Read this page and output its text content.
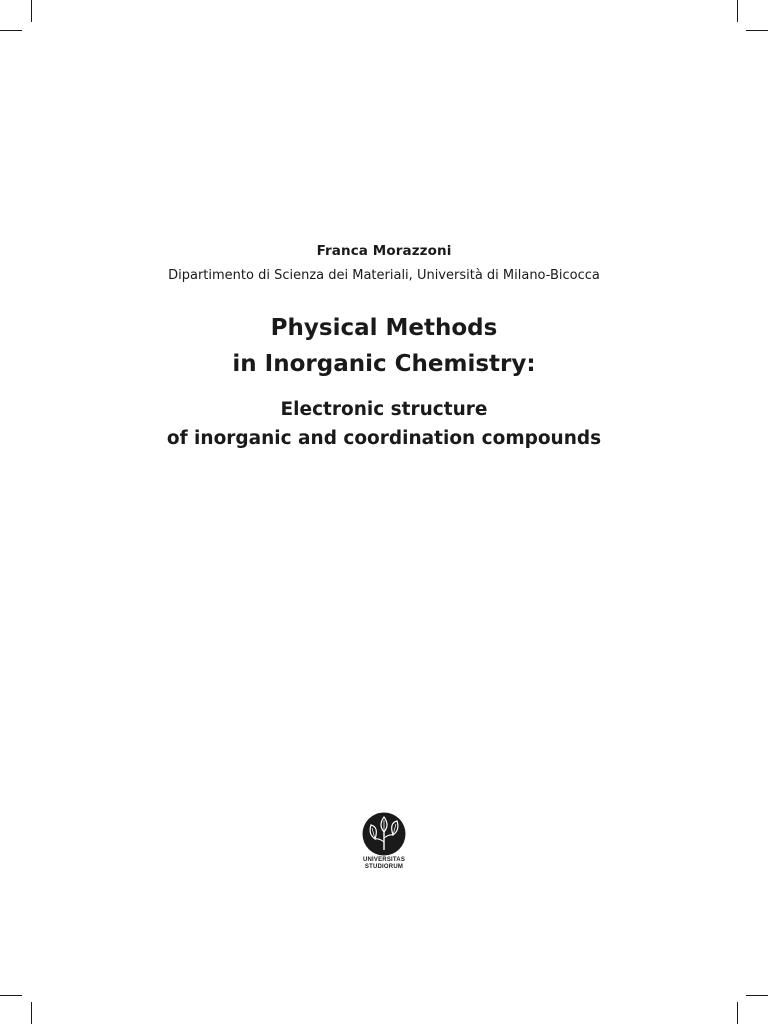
Franca Morazzoni
Dipartimento di Scienza dei Materiali, Università di Milano-Bicocca
Physical Methods
in Inorganic Chemistry:
Electronic structure
of inorganic and coordination compounds
UNIVERSITAS
STUDIORUM
